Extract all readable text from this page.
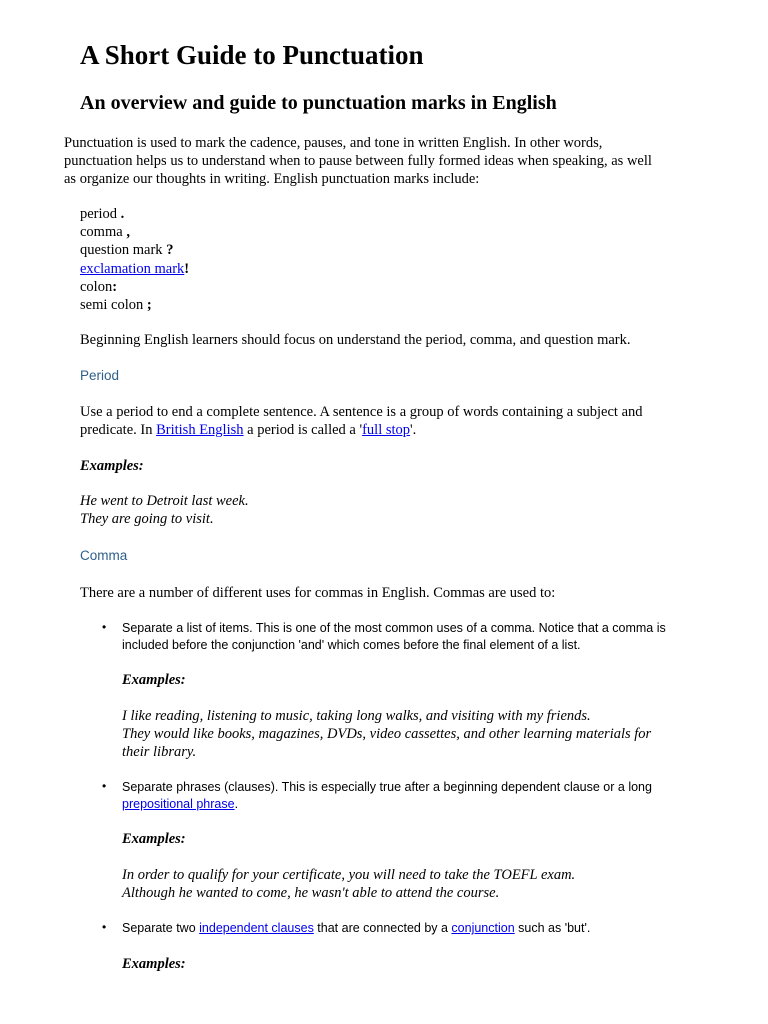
A Short Guide to Punctuation
An overview and guide to punctuation marks in English
Punctuation is used to mark the cadence, pauses, and tone in written English. In other words,
punctuation helps us to understand when to pause between fully formed ideas when speaking, as well
as organize our thoughts in writing. English punctuation marks include:
period .
comma ,
question mark ?
exclamation mark!
colon:
semi colon ;
Beginning English learners should focus on understand the period, comma, and question mark.
Period
Use a period to end a complete sentence. A sentence is a group of words containing a subject and
predicate. In British English a period is called a 'full stop'.
Examples:
He went to Detroit last week.
They are going to visit.
Comma
There are a number of different uses for commas in English. Commas are used to:
• Separate a list of items. This is one of the most common uses of a comma. Notice that a comma is
included before the conjunction 'and' which comes before the final element of a list.
Examples:
I like reading, listening to music, taking long walks, and visiting with my friends.
They would like books, magazines, DVDs, video cassettes, and other learning materials for
their library.
• Separate phrases (clauses). This is especially true after a beginning dependent clause or a long
prepositional phrase.
Examples:
In order to qualify for your certificate, you will need to take the TOEFL exam.
Although he wanted to come, he wasn't able to attend the course.
• Separate two independent clauses that are connected by a conjunction such as 'but'.
Examples:
